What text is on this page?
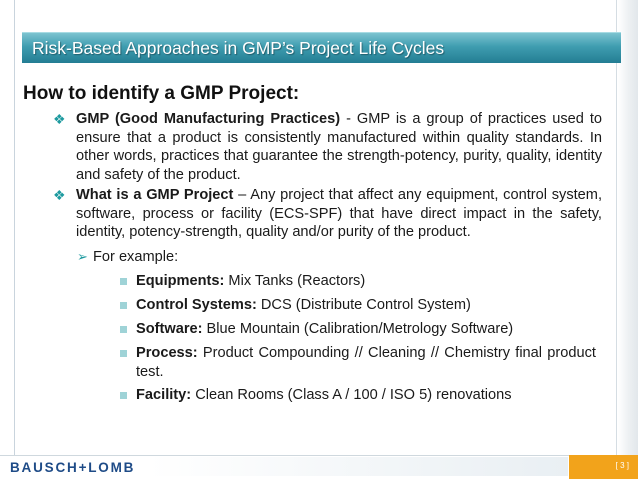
Risk-Based Approaches in GMP’s Project Life Cycles
How to identify a GMP Project:
❖ GMP (Good Manufacturing Practices) - GMP is a group of practices used to ensure that a product is consistently manufactured within quality standards. In other words, practices that guarantee the strength-potency, purity, quality, identity and safety of the product.
❖ What is a GMP Project – Any project that affect any equipment, control system, software, process or facility (ECS-SPF) that have direct impact in the safety, identity, potency-strength, quality and/or purity of the product.
➢ For example:
Equipments: Mix Tanks (Reactors)
Control Systems: DCS (Distribute Control System)
Software: Blue Mountain (Calibration/Metrology Software)
Process: Product Compounding // Cleaning // Chemistry final product test.
Facility: Clean Rooms (Class A / 100 / ISO 5) renovations
BAUSCH+LOMB	[ 3 ]
